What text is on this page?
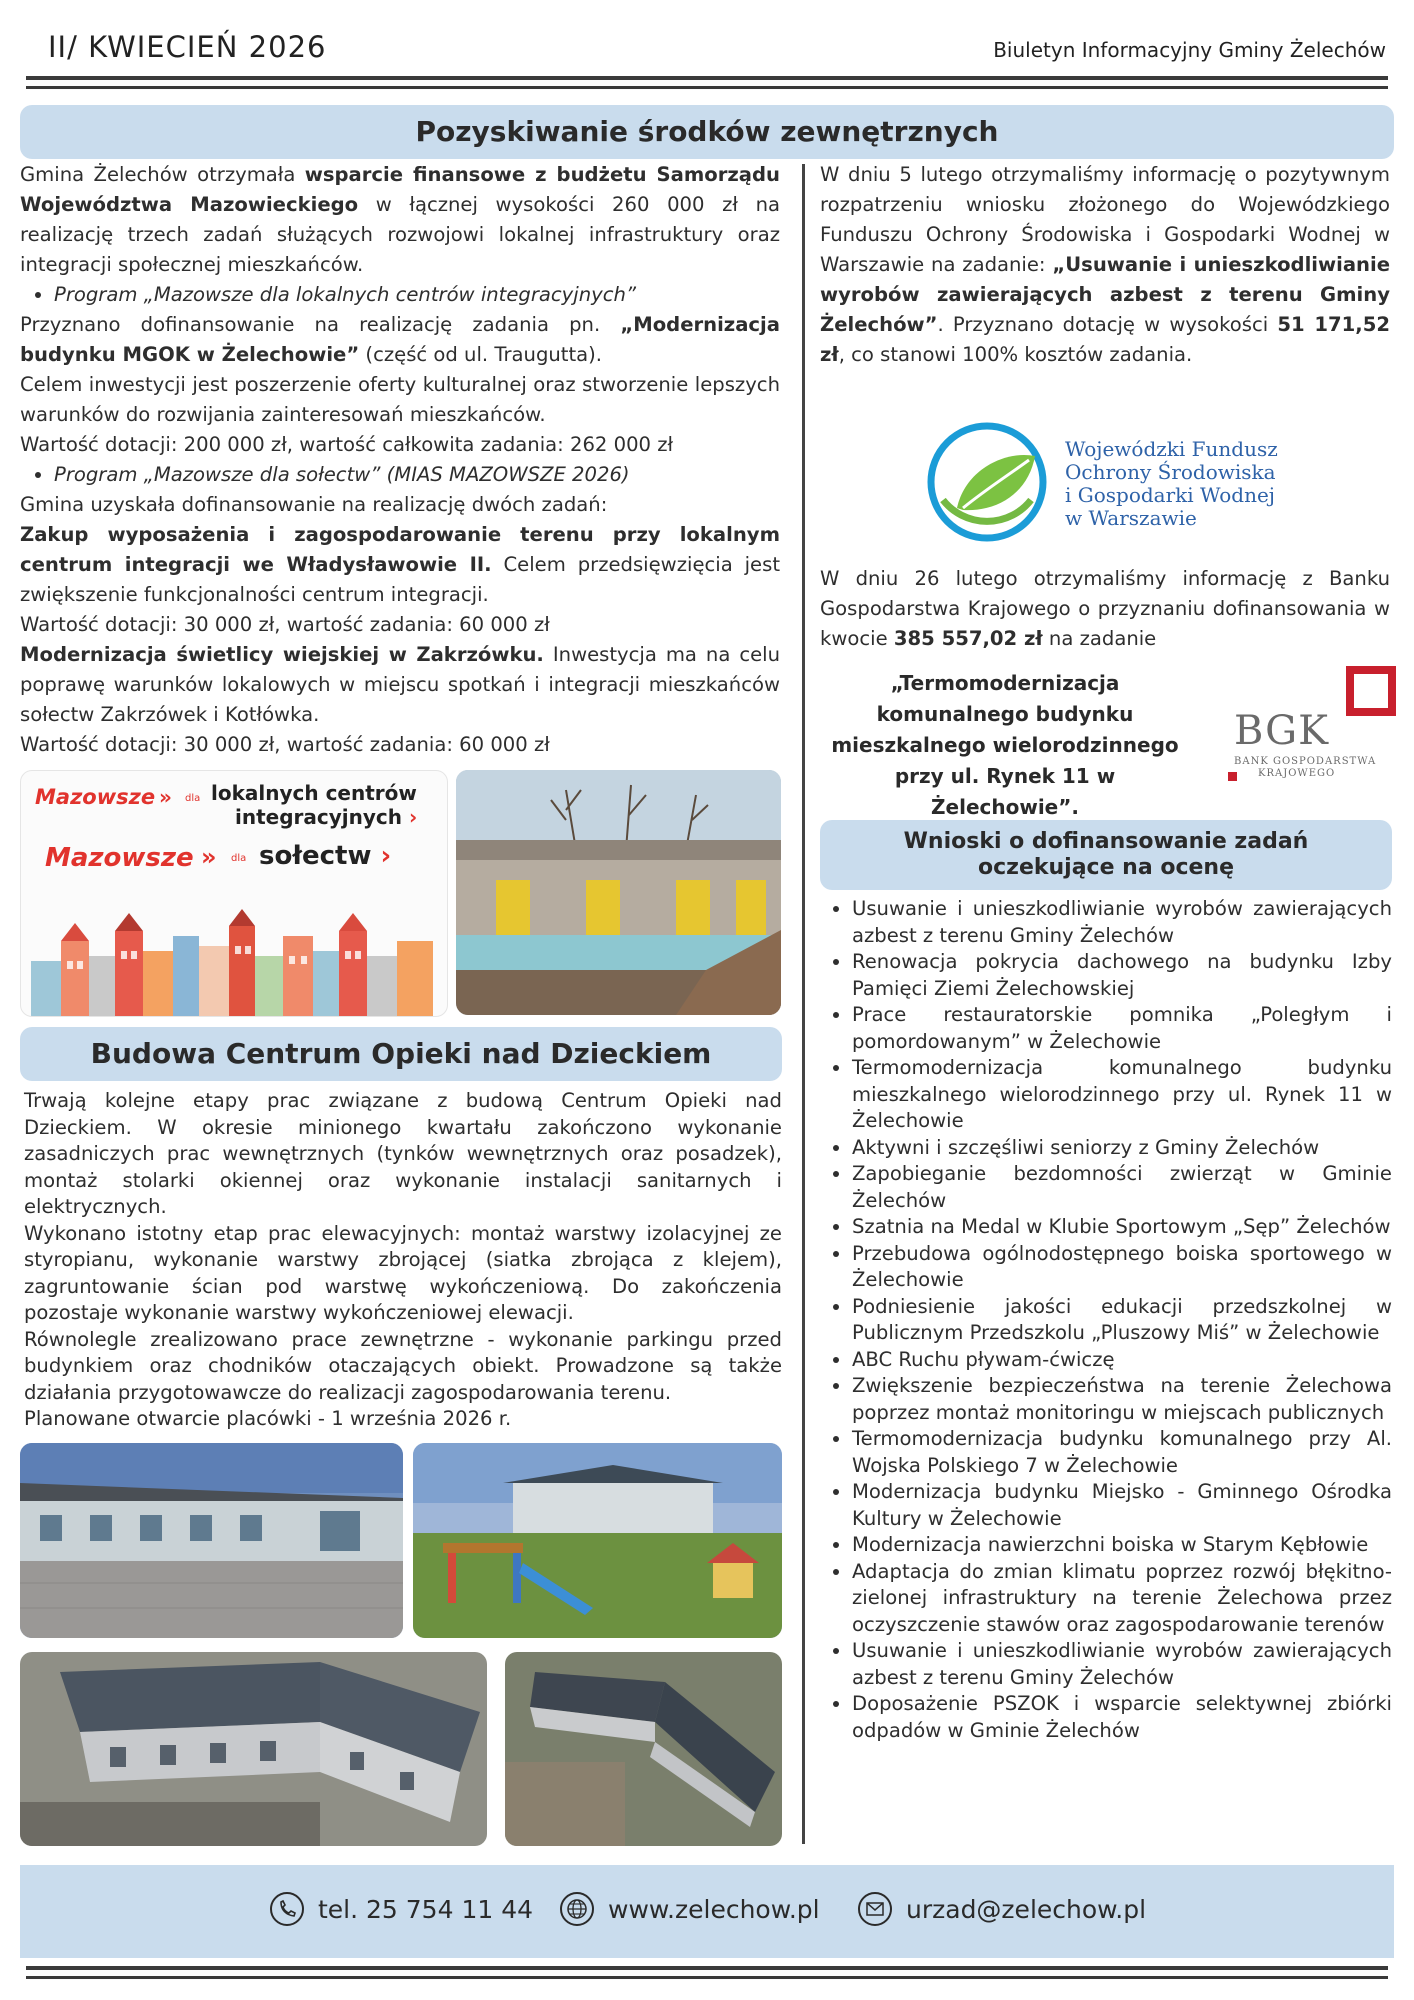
II/ KWIECIEŃ 2026	Biuletyn Informacyjny Gminy Żelechów
Pozyskiwanie środków zewnętrznych

Gmina Żelechów otrzymała wsparcie finansowe z budżetu Samorządu Województwa Mazowieckiego w łącznej wysokości 260 000 zł na realizację trzech zadań służących rozwojowi lokalnej infrastruktury oraz integracji społecznej mieszkańców.

• Program „Mazowsze dla lokalnych centrów integracyjnych”

Przyznano dofinansowanie na realizację zadania pn. „Modernizacja budynku MGOK w Żelechowie” (część od ul. Traugutta).

Celem inwestycji jest poszerzenie oferty kulturalnej oraz stworzenie lepszych warunków do rozwijania zainteresowań mieszkańców.

Wartość dotacji: 200 000 zł, wartość całkowita zadania: 262 000 zł

• Program „Mazowsze dla sołectw” (MIAS MAZOWSZE 2026)

Gmina uzyskała dofinansowanie na realizację dwóch zadań:

Zakup wyposażenia i zagospodarowanie terenu przy lokalnym centrum integracji we Władysławowie II. Celem przedsięwzięcia jest zwiększenie funkcjonalności centrum integracji.

Wartość dotacji: 30 000 zł, wartość zadania: 60 000 zł

Modernizacja świetlicy wiejskiej w Zakrzówku. Inwestycja ma na celu poprawę warunków lokalowych w miejscu spotkań i integracji mieszkańców sołectw Zakrzówek i Kotłówka.

Wartość dotacji: 30 000 zł, wartość zadania: 60 000 zł

Mazowsze » dla lokalnych centrów
integracyjnych ›
Mazowsze » dla sołectw ›
Budowa Centrum Opieki nad Dzieckiem

Trwają kolejne etapy prac związane z budową Centrum Opieki nad Dzieckiem. W okresie minionego kwartału zakończono wykonanie zasadniczych prac wewnętrznych (tynków wewnętrznych oraz posadzek), montaż stolarki okiennej oraz wykonanie instalacji sanitarnych i elektrycznych.

Wykonano istotny etap prac elewacyjnych: montaż warstwy izolacyjnej ze styropianu, wykonanie warstwy zbrojącej (siatka zbrojąca z klejem), zagruntowanie ścian pod warstwę wykończeniową. Do zakończenia pozostaje wykonanie warstwy wykończeniowej elewacji.

Równolegle zrealizowano prace zewnętrzne - wykonanie parkingu przed budynkiem oraz chodników otaczających obiekt. Prowadzone są także działania przygotowawcze do realizacji zagospodarowania terenu.

Planowane otwarcie placówki - 1 września 2026 r.

W dniu 5 lutego otrzymaliśmy informację o pozytywnym rozpatrzeniu wniosku złożonego do Wojewódzkiego Funduszu Ochrony Środowiska i Gospodarki Wodnej w Warszawie na zadanie: „Usuwanie i unieszkodliwianie wyrobów zawierających azbest z terenu Gminy Żelechów”. Przyznano dotację w wysokości 51 171,52 zł, co stanowi 100% kosztów zadania.

Wojewódzki Fundusz
Ochrony Środowiska
i Gospodarki Wodnej
w Warszawie

W dniu 26 lutego otrzymaliśmy informację z Banku Gospodarstwa Krajowego o przyznaniu dofinansowania w kwocie 385 557,02 zł na zadanie

„Termomodernizacja komunalnego budynku mieszkalnego wielorodzinnego przy ul. Rynek 11 w Żelechowie”.
BGK
BANK GOSPODARSTWA
KRAJOWEGO
Wnioski o dofinansowanie zadań
oczekujące na ocenę
• Usuwanie i unieszkodliwianie wyrobów zawierających azbest z terenu Gminy Żelechów
• Renowacja pokrycia dachowego na budynku Izby Pamięci Ziemi Żelechowskiej
• Prace restauratorskie pomnika „Poległym i pomordowanym” w Żelechowie
• Termomodernizacja komunalnego budynku mieszkalnego wielorodzinnego przy ul. Rynek 11 w Żelechowie
• Aktywni i szczęśliwi seniorzy z Gminy Żelechów
• Zapobieganie bezdomności zwierząt w Gminie Żelechów
• Szatnia na Medal w Klubie Sportowym „Sęp” Żelechów
• Przebudowa ogólnodostępnego boiska sportowego w Żelechowie
• Podniesienie jakości edukacji przedszkolnej w Publicznym Przedszkolu „Pluszowy Miś” w Żelechowie
• ABC Ruchu pływam-ćwiczę
• Zwiększenie bezpieczeństwa na terenie Żelechowa poprzez montaż monitoringu w miejscach publicznych
• Termomodernizacja budynku komunalnego przy Al. Wojska Polskiego 7 w Żelechowie
• Modernizacja budynku Miejsko - Gminnego Ośrodka Kultury w Żelechowie
• Modernizacja nawierzchni boiska w Starym Kębłowie
• Adaptacja do zmian klimatu poprzez rozwój błękitno-zielonej infrastruktury na terenie Żelechowa przez oczyszczenie stawów oraz zagospodarowanie terenów
• Usuwanie i unieszkodliwianie wyrobów zawierających azbest z terenu Gminy Żelechów
• Doposażenie PSZOK i wsparcie selektywnej zbiórki odpadów w Gminie Żelechów
tel. 25 754 11 44	www.zelechow.pl	urzad@zelechow.pl
